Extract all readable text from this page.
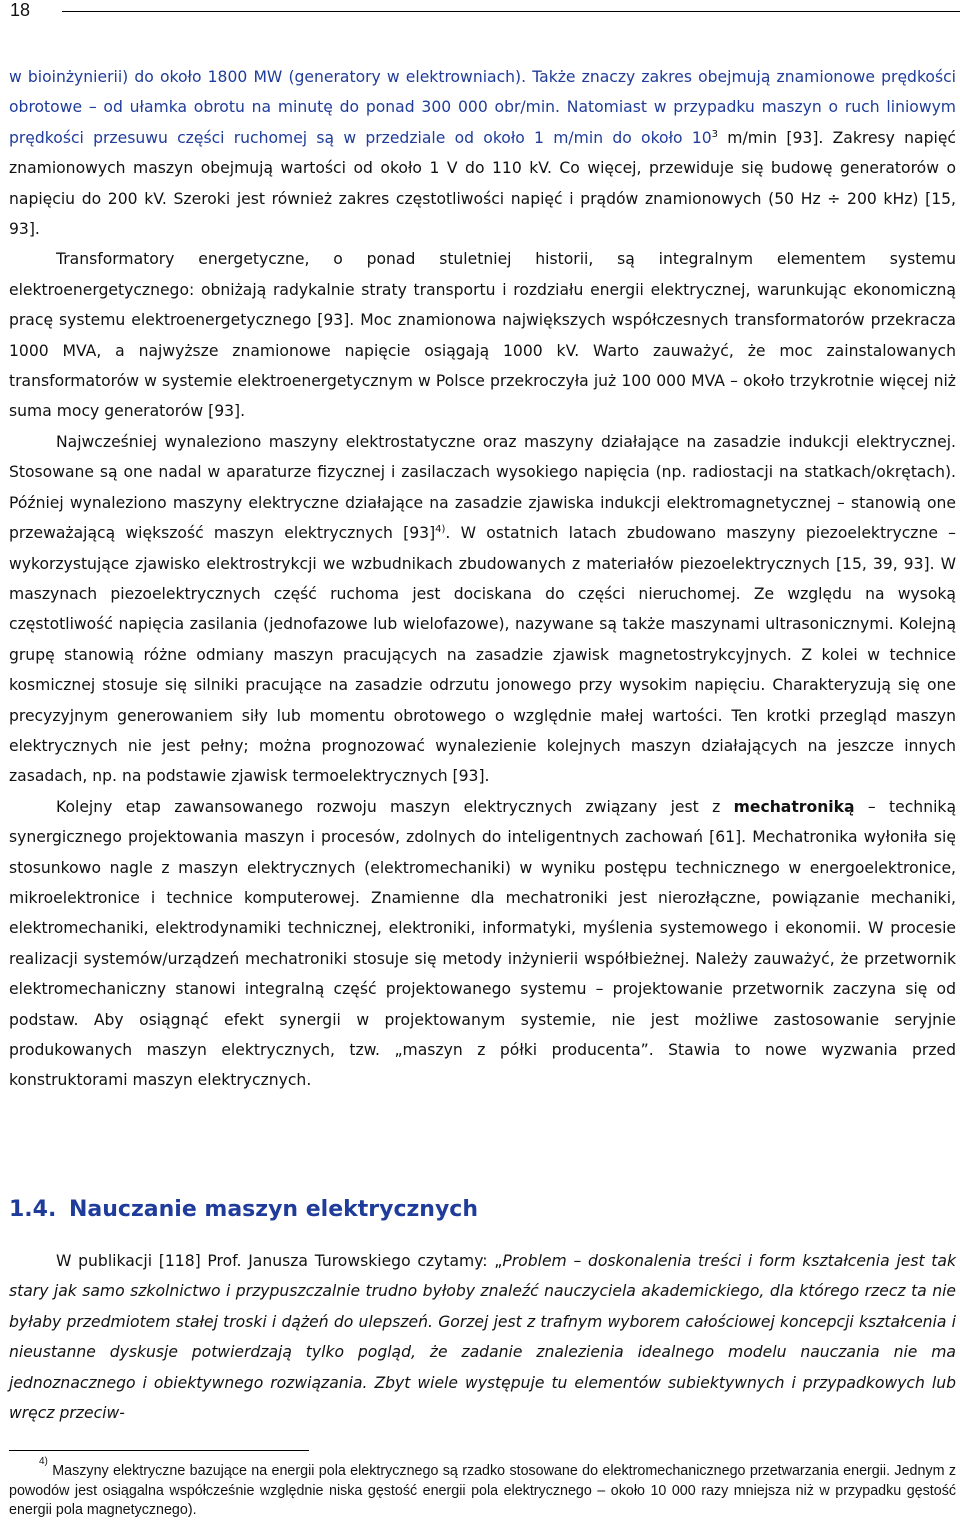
18

w bioinżynierii) do około 1800 MW (generatory w elektrowniach). Także znaczy zakres obejmują znamionowe prędkości obrotowe – od ułamka obrotu na minutę do ponad 300 000 obr/min. Natomiast w przypadku maszyn o ruch liniowym prędkości przesuwu części ruchomej są w przedziale od około 1 m/min do około $10^3$ m/min [93]. Zakresy napięć znamionowych maszyn obejmują wartości od około 1 V do 110 kV. Co więcej, przewiduje się budowę generatorów o napięciu do 200 kV. Szeroki jest również zakres częstotliwości napięć i prądów znamionowych (50 Hz ÷ 200 kHz) [15, 93].

Transformatory energetyczne, o ponad stuletniej historii, są integralnym elementem systemu elektroenergetycznego: obniżają radykalnie straty transportu i rozdziału energii elektrycznej, warunkując ekonomiczną pracę systemu elektroenergetycznego [93]. Moc znamionowa największych współczesnych transformatorów przekracza 1000 MVA, a najwyższe znamionowe napięcie osiągają 1000 kV. Warto zauważyć, że moc zainstalowanych transformatorów w systemie elektroenergetycznym w Polsce przekroczyła już 100 000 MVA – około trzykrotnie więcej niż suma mocy generatorów [93].

Najwcześniej wynaleziono maszyny elektrostatyczne oraz maszyny działające na zasadzie indukcji elektrycznej. Stosowane są one nadal w aparaturze fizycznej i zasilaczach wysokiego napięcia (np. radiostacji na statkach/okrętach). Później wynaleziono maszyny elektryczne działające na zasadzie zjawiska indukcji elektromagnetycznej – stanowią one przeważającą większość maszyn elektrycznych $[93]^{4)}$. W ostatnich latach zbudowano maszyny piezoelektryczne – wykorzystujące zjawisko elektrostrykcji we wzbudnikach zbudowanych z materiałów piezoelektrycznych [15, 39, 93]. W maszynach piezoelektrycznych część ruchoma jest dociskana do części nieruchomej. Ze względu na wysoką częstotliwość napięcia zasilania (jednofazowe lub wielofazowe), nazywane są także maszynami ultrasonicznymi. Kolejną grupę stanowią różne odmiany maszyn pracujących na zasadzie zjawisk magnetostrykcyjnych. Z kolei w technice kosmicznej stosuje się silniki pracujące na zasadzie odrzutu jonowego przy wysokim napięciu. Charakteryzują się one precyzyjnym generowaniem siły lub momentu obrotowego o względnie małej wartości. Ten krotki przegląd maszyn elektrycznych nie jest pełny; można prognozować wynalezienie kolejnych maszyn działających na jeszcze innych zasadach, np. na podstawie zjawisk termoelektrycznych [93].

Kolejny etap zawansowanego rozwoju maszyn elektrycznych związany jest z mechatroniką – techniką synergicznego projektowania maszyn i procesów, zdolnych do inteligentnych zachowań [61]. Mechatronika wyłoniła się stosunkowo nagle z maszyn elektrycznych (elektromechaniki) w wyniku postępu technicznego w energoelektronice, mikroelektronice i technice komputerowej. Znamienne dla mechatroniki jest nierozłączne, powiązanie mechaniki, elektromechaniki, elektrodynamiki technicznej, elektroniki, informatyki, myślenia systemowego i ekonomii. W procesie realizacji systemów/urządzeń mechatroniki stosuje się metody inżynierii współbieżnej. Należy zauważyć, że przetwornik elektromechaniczny stanowi integralną część projektowanego systemu – projektowanie przetwornik zaczyna się od podstaw. Aby osiągnąć efekt synergii w projektowanym systemie, nie jest możliwe zastosowanie seryjnie produkowanych maszyn elektrycznych, tzw. „maszyn z półki producenta”. Stawia to nowe wyzwania przed konstruktorami maszyn elektrycznych.

1.4. Nauczanie maszyn elektrycznych

W publikacji [118] Prof. Janusza Turowskiego czytamy: „Problem – doskonalenia treści i form kształcenia jest tak stary jak samo szkolnictwo i przypuszczalnie trudno byłoby znaleźć nauczyciela akademickiego, dla którego rzecz ta nie byłaby przedmiotem stałej troski i dążeń do ulepszeń. Gorzej jest z trafnym wyborem całościowej koncepcji kształcenia i nieustanne dyskusje potwierdzają tylko pogląd, że zadanie znalezienia idealnego modelu nauczania nie ma jednoznacznego i obiektywnego rozwiązania. Zbyt wiele występuje tu elementów subiektywnych i przypadkowych lub wręcz przeciw-

$^{4)}$ Maszyny elektryczne bazujące na energii pola elektrycznego są rzadko stosowane do elektromechanicznego przetwarzania energii. Jednym z powodów jest osiągalna współcześnie względnie niska gęstość energii pola elektrycznego – około 10 000 razy mniejsza niż w przypadku gęstość energii pola magnetycznego).
